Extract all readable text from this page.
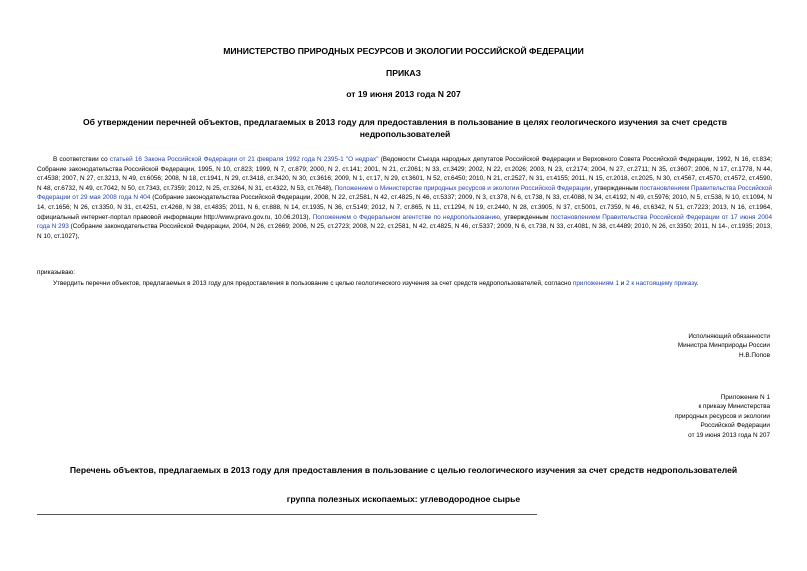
МИНИСТЕРСТВО ПРИРОДНЫХ РЕСУРСОВ И ЭКОЛОГИИ РОССИЙСКОЙ ФЕДЕРАЦИИ
ПРИКАЗ
от 19 июня 2013 года N 207
Об утверждении перечней объектов, предлагаемых в 2013 году для предоставления в пользование в целях геологического изучения за счет средств недропользователей
В соответствии со статьей 16 Закона Российской Федерации от 21 февраля 1992 года N 2395-1 "О недрах" (Ведомости Съезда народных депутатов Российской Федерации и Верховного Совета Российской Федерации, 1992, N 16, ст.834; Собрание законодательства Российской Федерации, 1995, N 10, ст.823; 1999, N 7, ст.879; 2000, N 2, ст.141; 2001, N 21, ст.2061; N 33, ст.3429; 2002, N 22, ст.2026; 2003, N 23, ст.2174; 2004, N 27, ст.2711; N 35, ст.3607; 2006, N 17, ст.1778, N 44, ст.4538; 2007, N 27, ст.3213, N 49, ст.6056; 2008, N 18, ст.1941, N 29, ст.3418, ст.3420, N 30, ст.3616; 2009, N 1, ст.17, N 29, ст.3601, N 52, ст.6450; 2010, N 21, ст.2527, N 31, ст.4155; 2011, N 15, ст.2018, ст.2025, N 30, ст.4567, ст.4570, ст.4572, ст.4590, N 48, ст.6732, N 49, ст.7042, N 50, ст.7343, ст.7359; 2012, N 25, ст.3264, N 31, ст.4322, N 53, ст.7648), Положением о Министерстве природных ресурсов и экологии Российской Федерации, утвержденным постановлением Правительства Российской Федерации от 29 мая 2008 года N 404 (Собрание законодательства Российской Федерации, 2008, N 22, ст.2581, N 42, ст.4825, N 46, ст.5337; 2009, N 3, ст.378, N 6, ст.738, N 33, ст.4088, N 34, ст.4192, N 49, ст.5976; 2010, N 5, ст.538, N 10, ст.1094, N 14, ст.1656; N 26, ст.3350, N 31, ст.4251, ст.4268, N 38, ст.4835; 2011, N 6, ст.888, N 14, ст.1935, N 36, ст.5149; 2012, N 7, ст.865, N 11, ст.1294, N 19, ст.2440, N 28, ст.3905, N 37, ст.5001, ст.7359, N 46, ст.6342, N 51, ст.7223; 2013, N 16, ст.1964, официальный интернет-портал правовой информации http://www.pravo.gov.ru, 10.06.2013), Положением о Федеральном агентстве по недропользованию, утвержденным постановлением Правительства Российской Федерации от 17 июня 2004 года N 293 (Собрание законодательства Российской Федерации, 2004, N 26, ст.2669; 2006, N 25, ст.2723; 2008, N 22, ст.2581, N 42, ст.4825, N 46, ст.5337; 2009, N 6, ст.738, N 33, ст.4081, N 38, ст.4489; 2010, N 26, ст.3350; 2011, N 14-, ст.1935; 2013, N 10, ст.1027),
приказываю:
Утвердить перечни объектов, предлагаемых в 2013 году для предоставления в пользование с целью геологического изучения за счет средств недропользователей, согласно приложениям 1 и 2 к настоящему приказу.
Исполняющий обязанности
Министра Минприроды России
Н.В.Попов
Приложение N 1
к приказу Министерства
природных ресурсов и экологии
Российской Федерации
от 19 июня 2013 года N 207
Перечень объектов, предлагаемых в 2013 году для предоставления в пользование с целью геологического изучения за счет средств недропользователей
группа полезных ископаемых: углеводородное сырье
